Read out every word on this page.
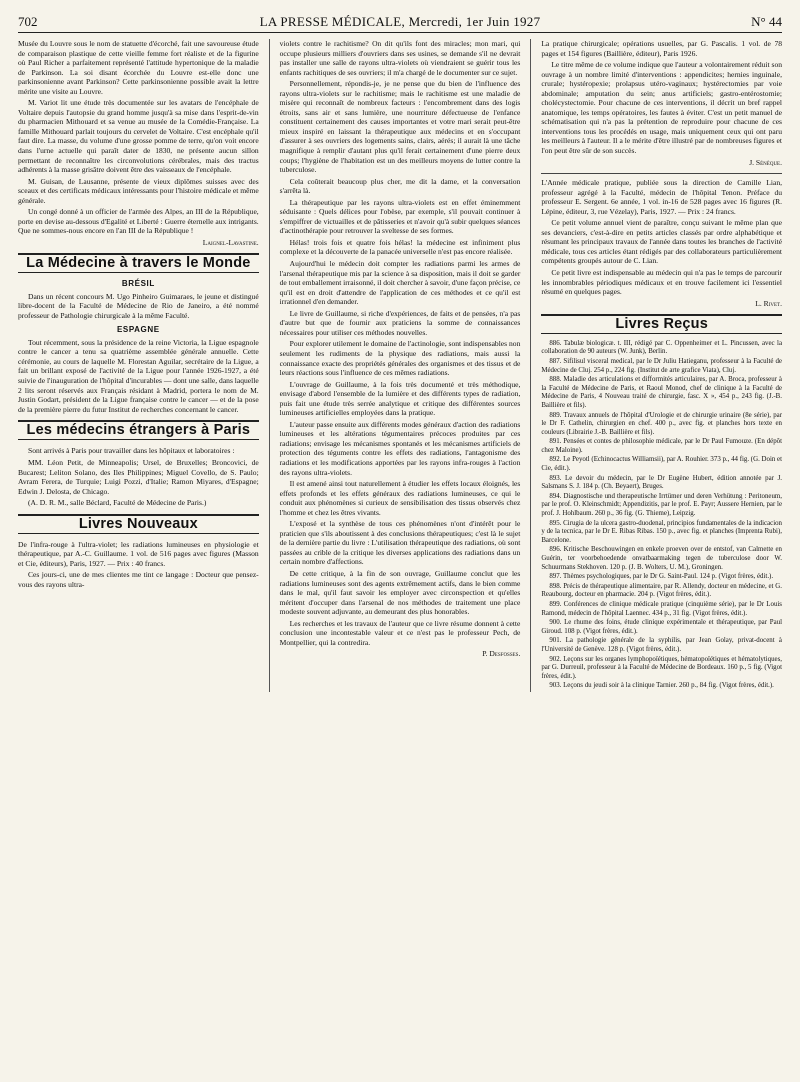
LA PRESSE MÉDICALE, Mercredi, 1er Juin 1927
702	N° 44

Musée du Louvre sous le nom de statuette d'écorché, fait une savoureuse étude de comparaison plastique de cette vieille femme fort réaliste et de la figurine où Paul Richer a parfaitement représenté l'attitude hypertonique de la maladie de Parkinson. La soi disant écorchée du Louvre est-elle donc une parkinsonienne avant Parkinson? Cette parkinsonienne possible avait la lettre mérite une visite au Louvre.

M. Variot lit une étude très documentée sur les avatars de l'encéphale de Voltaire depuis l'autopsie du grand homme jusqu'à sa mise dans l'esprit-de-vin du pharmacien Mithouard et sa venue au musée de la Comédie-Française. La famille Mithouard parlait toujours du cervelet de Voltaire. C'est encéphale qu'il faut dire. La masse, du volume d'une grosse pomme de terre, qu'on voit encore dans l'urne actuelle qui paraît dater de 1830, ne présente aucun sillon permettant de reconnaître les circonvolutions cérébrales, mais des tractus adhérents à la masse grisâtre doivent être des vaisseaux de l'encéphale.

M. Guisan, de Lausanne, présente de vieux diplômes suisses avec des sceaux et des certificats médicaux intéressants pour l'histoire médicale et même générale.

Un congé donné à un officier de l'armée des Alpes, an III de la République, porte en devise au-dessous d'Egalité et Liberté : Guerre éternelle aux intrigants. Que ne sommes-nous encore en l'an III de la République !

Laignel-Lavastine.
La Médecine à travers le Monde
BRÉSIL

Dans un récent concours M. Ugo Pinheiro Guimaraes, le jeune et distingué libre-docent de la Faculté de Médecine de Rio de Janeiro, a été nommé professeur de Pathologie chirurgicale à la même Faculté.

ESPAGNE

Tout récemment, sous la présidence de la reine Victoria, la Ligue espagnole contre le cancer a tenu sa quatrième assemblée générale annuelle. Cette cérémonie, au cours de laquelle M. Florestan Aguilar, secrétaire de la Ligue, a fait un brillant exposé de l'activité de la Ligue pour l'année 1926-1927, a été suivie de l'inauguration de l'hôpital d'incurables — dont une salle, dans laquelle 2 lits seront réservés aux Français résidant à Madrid, portera le nom de M. Justin Godart, président de la Ligue française contre le cancer — et de la pose de la première pierre du futur Institut de recherches concernant le cancer.

Les médecins étrangers à Paris

Sont arrivés à Paris pour travailler dans les hôpitaux et laboratoires :

MM. Léon Petit, de Minneapolis; Ursel, de Bruxelles; Broncovici, de Bucarest; Leliton Solano, des Iles Philippines; Miguel Covello, de S. Paulo; Avram Ferera, de Turquie; Luigi Pozzi, d'Italie; Ramon Miyares, d'Espagne; Edwin J. Delosta, de Chicago.

(A. D. R. M., salle Béclard, Faculté de Médecine de Paris.)

Livres Nouveaux

De l'infra-rouge à l'ultra-violet; les radiations lumineuses en physiologie et thérapeutique, par A.-C. Guillaume. 1 vol. de 516 pages avec figures (Masson et Cie, éditeurs), Paris, 1927. — Prix : 40 francs.

Ces jours-ci, une de mes clientes me tint ce langage : Docteur que pensez-vous des rayons ultra-

violets contre le rachitisme? On dit qu'ils font des miracles; mon mari, qui occupe plusieurs milliers d'ouvriers dans ses usines, se demande s'il ne devrait pas installer une salle de rayons ultra-violets où viendraient se guérir tous les enfants rachitiques de ses ouvriers; il m'a chargé de le documenter sur ce sujet.

Personnellement, répondis-je, je ne pense que du bien de l'influence des rayons ultra-violets sur le rachitisme; mais le rachitisme est une maladie de misère qui reconnaît de nombreux facteurs : l'encombrement dans des logis étroits, sans air et sans lumière, une nourriture défectueuse de l'enfance constituent certainement des causes importantes et votre mari serait peut-être mieux inspiré en laissant la thérapeutique aux médecins et en s'occupant d'assurer à ses ouvriers des logements sains, clairs, aérés; il aurait là une tâche magnifique à remplir d'autant plus qu'il ferait certainement d'une pierre deux coups; l'hygiène de l'habitation est un des meilleurs moyens de lutter contre la tuberculose.

Cela coûterait beaucoup plus cher, me dit la dame, et la conversation s'arrêta là.

La thérapeutique par les rayons ultra-violets est en effet éminemment séduisante : Quels délices pour l'obèse, par exemple, s'il pouvait continuer à s'empiffrer de victuailles et de pâtisseries et n'avoir qu'à subir quelques séances d'actinothérapie pour retrouver la sveltesse de ses formes.

Hélas! trois fois et quatre fois hélas! la médecine est infiniment plus complexe et la découverte de la panacée universelle n'est pas encore réalisée.

Aujourd'hui le médecin doit compter les radiations parmi les armes de l'arsenal thérapeutique mis par la science à sa disposition, mais il doit se garder de tout emballement irraisonné, il doit chercher à savoir, d'une façon précise, ce qu'il est en droit d'attendre de l'application de ces méthodes et ce qu'il est irrationnel d'en demander.

Le livre de Guillaume, si riche d'expériences, de faits et de pensées, n'a pas d'autre but que de fournir aux praticiens la somme de connaissances nécessaires pour utiliser ces méthodes nouvelles.

Pour explorer utilement le domaine de l'actinologie, sont indispensables non seulement les rudiments de la physique des radiations, mais aussi la connaissance exacte des propriétés générales des organismes et des tissus et de leurs réactions sous l'influence de ces mêmes radiations.

L'ouvrage de Guillaume, à la fois très documenté et très méthodique, envisage d'abord l'ensemble de la lumière et des différents types de radiation, puis fait une étude très serrée analytique et critique des différentes sources lumineuses artificielles employées dans la pratique.

L'auteur passe ensuite aux différents modes généraux d'action des radiations lumineuses et les altérations tégumentaires précoces produites par ces radiations; envisage les mécanismes spontanés et les mécanismes artificiels de protection des téguments contre les effets des radiations, l'antagonisme des radiations et les modifications apportées par les rayons infra-rouges à l'action des rayons ultra-violets.

Il est amené ainsi tout naturellement à étudier les effets locaux éloignés, les effets profonds et les effets généraux des radiations lumineuses, ce qui le conduit aux phénomènes si curieux de sensibilisation des tissus observés chez l'homme et chez les êtres vivants.

L'exposé et la synthèse de tous ces phénomènes n'ont d'intérêt pour le praticien que s'ils aboutissent à des conclusions thérapeutiques; c'est là le sujet de la dernière partie du livre : L'utilisation thérapeutique des radiations, où sont passées au crible de la critique les diverses applications des radiations dans un certain nombre d'affections.

De cette critique, à la fin de son ouvrage, Guillaume conclut que les radiations lumineuses sont des agents extrêmement actifs, dans le bien comme dans le mal, qu'il faut savoir les employer avec circonspection et qu'elles méritent d'occuper dans l'arsenal de nos méthodes de traitement une place modeste souvent adjuvante, au demeurant des plus honorables.

Les recherches et les travaux de l'auteur que ce livre résume donnent à cette conclusion une incontestable valeur et ce n'est pas le professeur Pech, de Montpellier, qui la contredira.

P. Desfosses.

La pratique chirurgicale; opérations usuelles, par G. Pascalis. 1 vol. de 78 pages et 154 figures (Baillière, éditeur), Paris 1926.

Le titre même de ce volume indique que l'auteur a volontairement réduit son ouvrage à un nombre limité d'interventions : appendicites; hernies inguinale, crurale; hystéropexie; prolapsus utéro-vaginaux; hystérectomies par voie abdominale; amputation du sein; anus artificiels; gastro-entérostomie; cholécystectomie. Pour chacune de ces interventions, il décrit un bref rappel anatomique, les temps opératoires, les fautes à éviter. C'est un petit manuel de schématisation qui n'a pas la prétention de reproduire pour chacune de ces interventions tous les procédés en usage, mais uniquement ceux qui ont paru les meilleurs à l'auteur. Il a le mérite d'être illustré par de nombreuses figures et l'on peut être sûr de son succès.

J. Sénèque.

L'Année médicale pratique, publiée sous la direction de Camille Lian, professeur agrégé à la Faculté, médecin de l'hôpital Tenon. Préface du professeur E. Sergent. 6e année, 1 vol. in-16 de 528 pages avec 16 figures (R. Lépine, éditeur, 3, rue Vézelay), Paris, 1927. — Prix : 24 francs.

Ce petit volume annuel vient de paraître, conçu suivant le même plan que ses devanciers, c'est-à-dire en petits articles classés par ordre alphabétique et résumant les principaux travaux de l'année dans toutes les branches de l'activité médicale, tous ces articles étant rédigés par des collaborateurs particulièrement compétents groupés autour de C. Lian.

Ce petit livre est indispensable au médecin qui n'a pas le temps de parcourir les innombrables périodiques médicaux et en trouve facilement ici l'essentiel résumé en quelques pages.

L. Rivet.
Livres Reçus

886. Tabulæ biologicæ. t. III, rédigé par C. Oppenheimer et L. Pincussen, avec la collaboration de 90 auteurs (W. Junk), Berlin.

887. Sifilisul visceral medical, par le Dr Juliu Hatieganu, professeur à la Faculté de Médecine de Cluj. 254 p., 224 fig. (Institut de arte grafice Viata), Cluj.

888. Maladie des articulations et difformités articulaires, par A. Broca, professeur à la Faculté de Médecine de Paris, et Raoul Monod, chef de clinique à la Faculté de Médecine de Paris, 4 Nouveau traité de chirurgie, fasc. X », 454 p., 243 fig. (J.-B. Baillière et fils).

889. Travaux annuels de l'hôpital d'Urologie et de chirurgie urinaire (8e série), par le Dr F. Cathelin, chirurgien en chef. 400 p., avec fig. et planches hors texte en couleurs (Librairie J.-B. Baillière et fils).

891. Pensées et contes de philosophie médicale, par le Dr Paul Fumouze. (En dépôt chez Maloine).

892. Le Peyotl (Echinocactus Williamsii), par A. Rouhier. 373 p., 44 fig. (G. Doin et Cie, édit.).

893. Le devoir du médecin, par le Dr Eugène Hubert, édition annotée par J. Salsmans S. J. 184 p. (Ch. Beyaert), Bruges.

894. Diagnostische und therapeutische Irrtümer und deren Verhütung : Peritoneum, par le prof. O. Kleinschmidt; Appendizitis, par le prof. E. Payr; Aussere Hernien, par le prof. J. Hohlbaum. 260 p., 36 fig. (G. Thieme), Leipzig.

895. Cirugia de la ulcera gastro-duodenal, principios fundamentales de la indicacion y de la tecnica, par le Dr E. Ribas Ribas. 150 p., avec fig. et planches (Imprenta Rubi), Barcelone.

896. Kritische Beschouwingen en enkele proeven over de entstof, van Calmette en Guérin, ter voorbehoedende onvatbaarmaking tegen de tuberculose door W. Schuurmans Stekhoven. 120 p. (J. B. Wolters, U. M.), Groningen.

897. Thèmes psychologiques, par le Dr G. Saint-Paul. 124 p. (Vigot frères, édit.).

898. Précis de thérapeutique alimentaire, par R. Allendy, docteur en médecine, et G. Reaubourg, docteur en pharmacie. 204 p. (Vigot frères, édit.).

899. Conférences de clinique médicale pratique (cinquième série), par le Dr Louis Ramond, médecin de l'hôpital Laennec. 434 p., 31 fig. (Vigot frères, édit.).

900. Le rhume des foins, étude clinique expérimentale et thérapeutique, par Paul Giroud. 108 p. (Vigot frères, édit.).

901. La pathologie générale de la syphilis, par Jean Golay, privat-docent à l'Université de Genève. 128 p. (Vigot frères, édit.).

902. Leçons sur les organes lymphopoïétiques, hématopoïétiques et hématolytiques, par G. Durreuil, professeur à la Faculté de Médecine de Bordeaux. 160 p., 5 fig. (Vigot frères, édit.).

903. Leçons du jeudi soir à la clinique Tarnier. 260 p., 84 fig. (Vigot frères, édit.).
